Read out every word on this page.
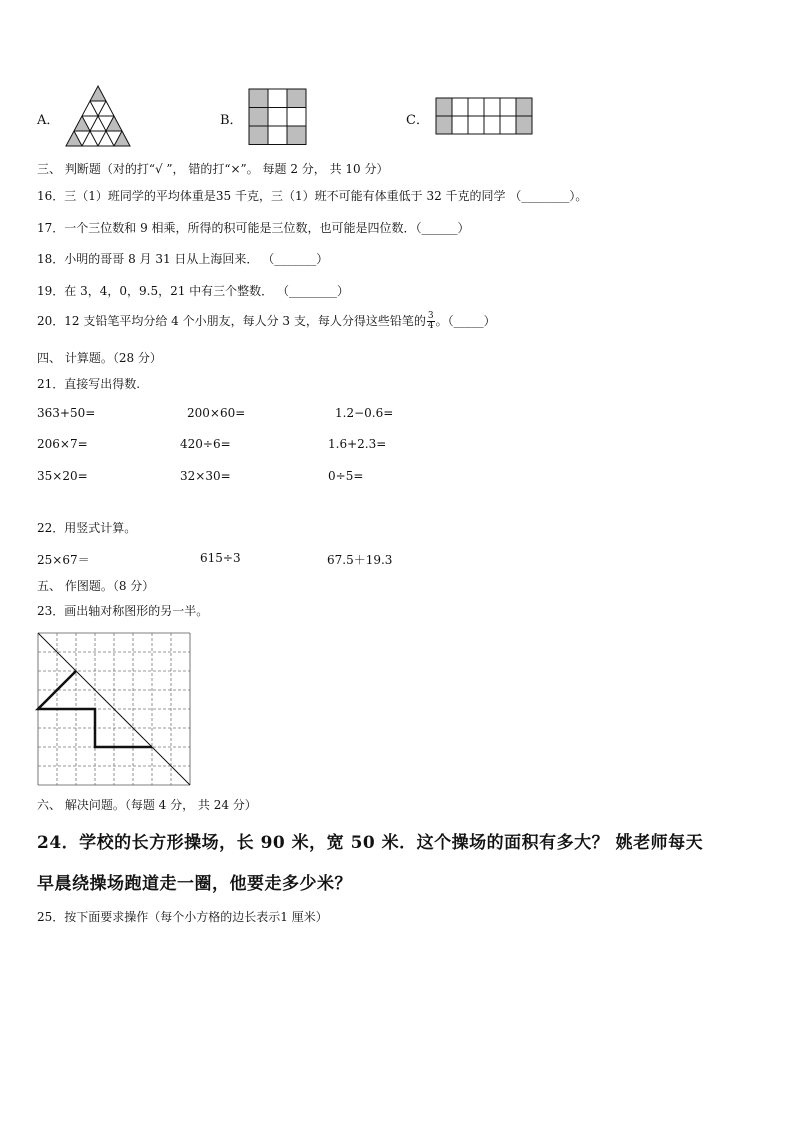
A．	B．	C．
三、 判断题（对的打“√ ”， 错的打“×”。 每题 2 分， 共 10 分）
16．三（1）班同学的平均体重是35 千克，三（1）班不可能有体重低于 32 千克的同学 （________）。
17．一个三位数和 9 相乘，所得的积可能是三位数，也可能是四位数．（______）
18．小明的哥哥 8 月 31 日从上海回来． （_______）
19．在 3，4，0，9.5，21 中有三个整数． （________）
20．12 支铅笔平均分给 4 个小朋友，每人分 3 支，每人分得这些铅笔的 $\frac{3}{4}$ 。（_____）
四、 计算题。（28 分）
21．直接写出得数.
363+50=	200×60=	1.2−0.6=
206×7=	420÷6=	1.6+2.3=
35×20=	32×30=	0÷5=
22．用竖式计算。
25×67＝	615÷3	67.5＋19.3
五、 作图题。（8 分）
23．画出轴对称图形的另一半。
六、 解决问题。（每题 4 分， 共 24 分）
24．学校的长方形操场，长 90 米，宽 50 米．这个操场的面积有多大？ 姚老师每天
早晨绕操场跑道走一圈，他要走多少米？
25．按下面要求操作（每个小方格的边长表示1 厘米）
